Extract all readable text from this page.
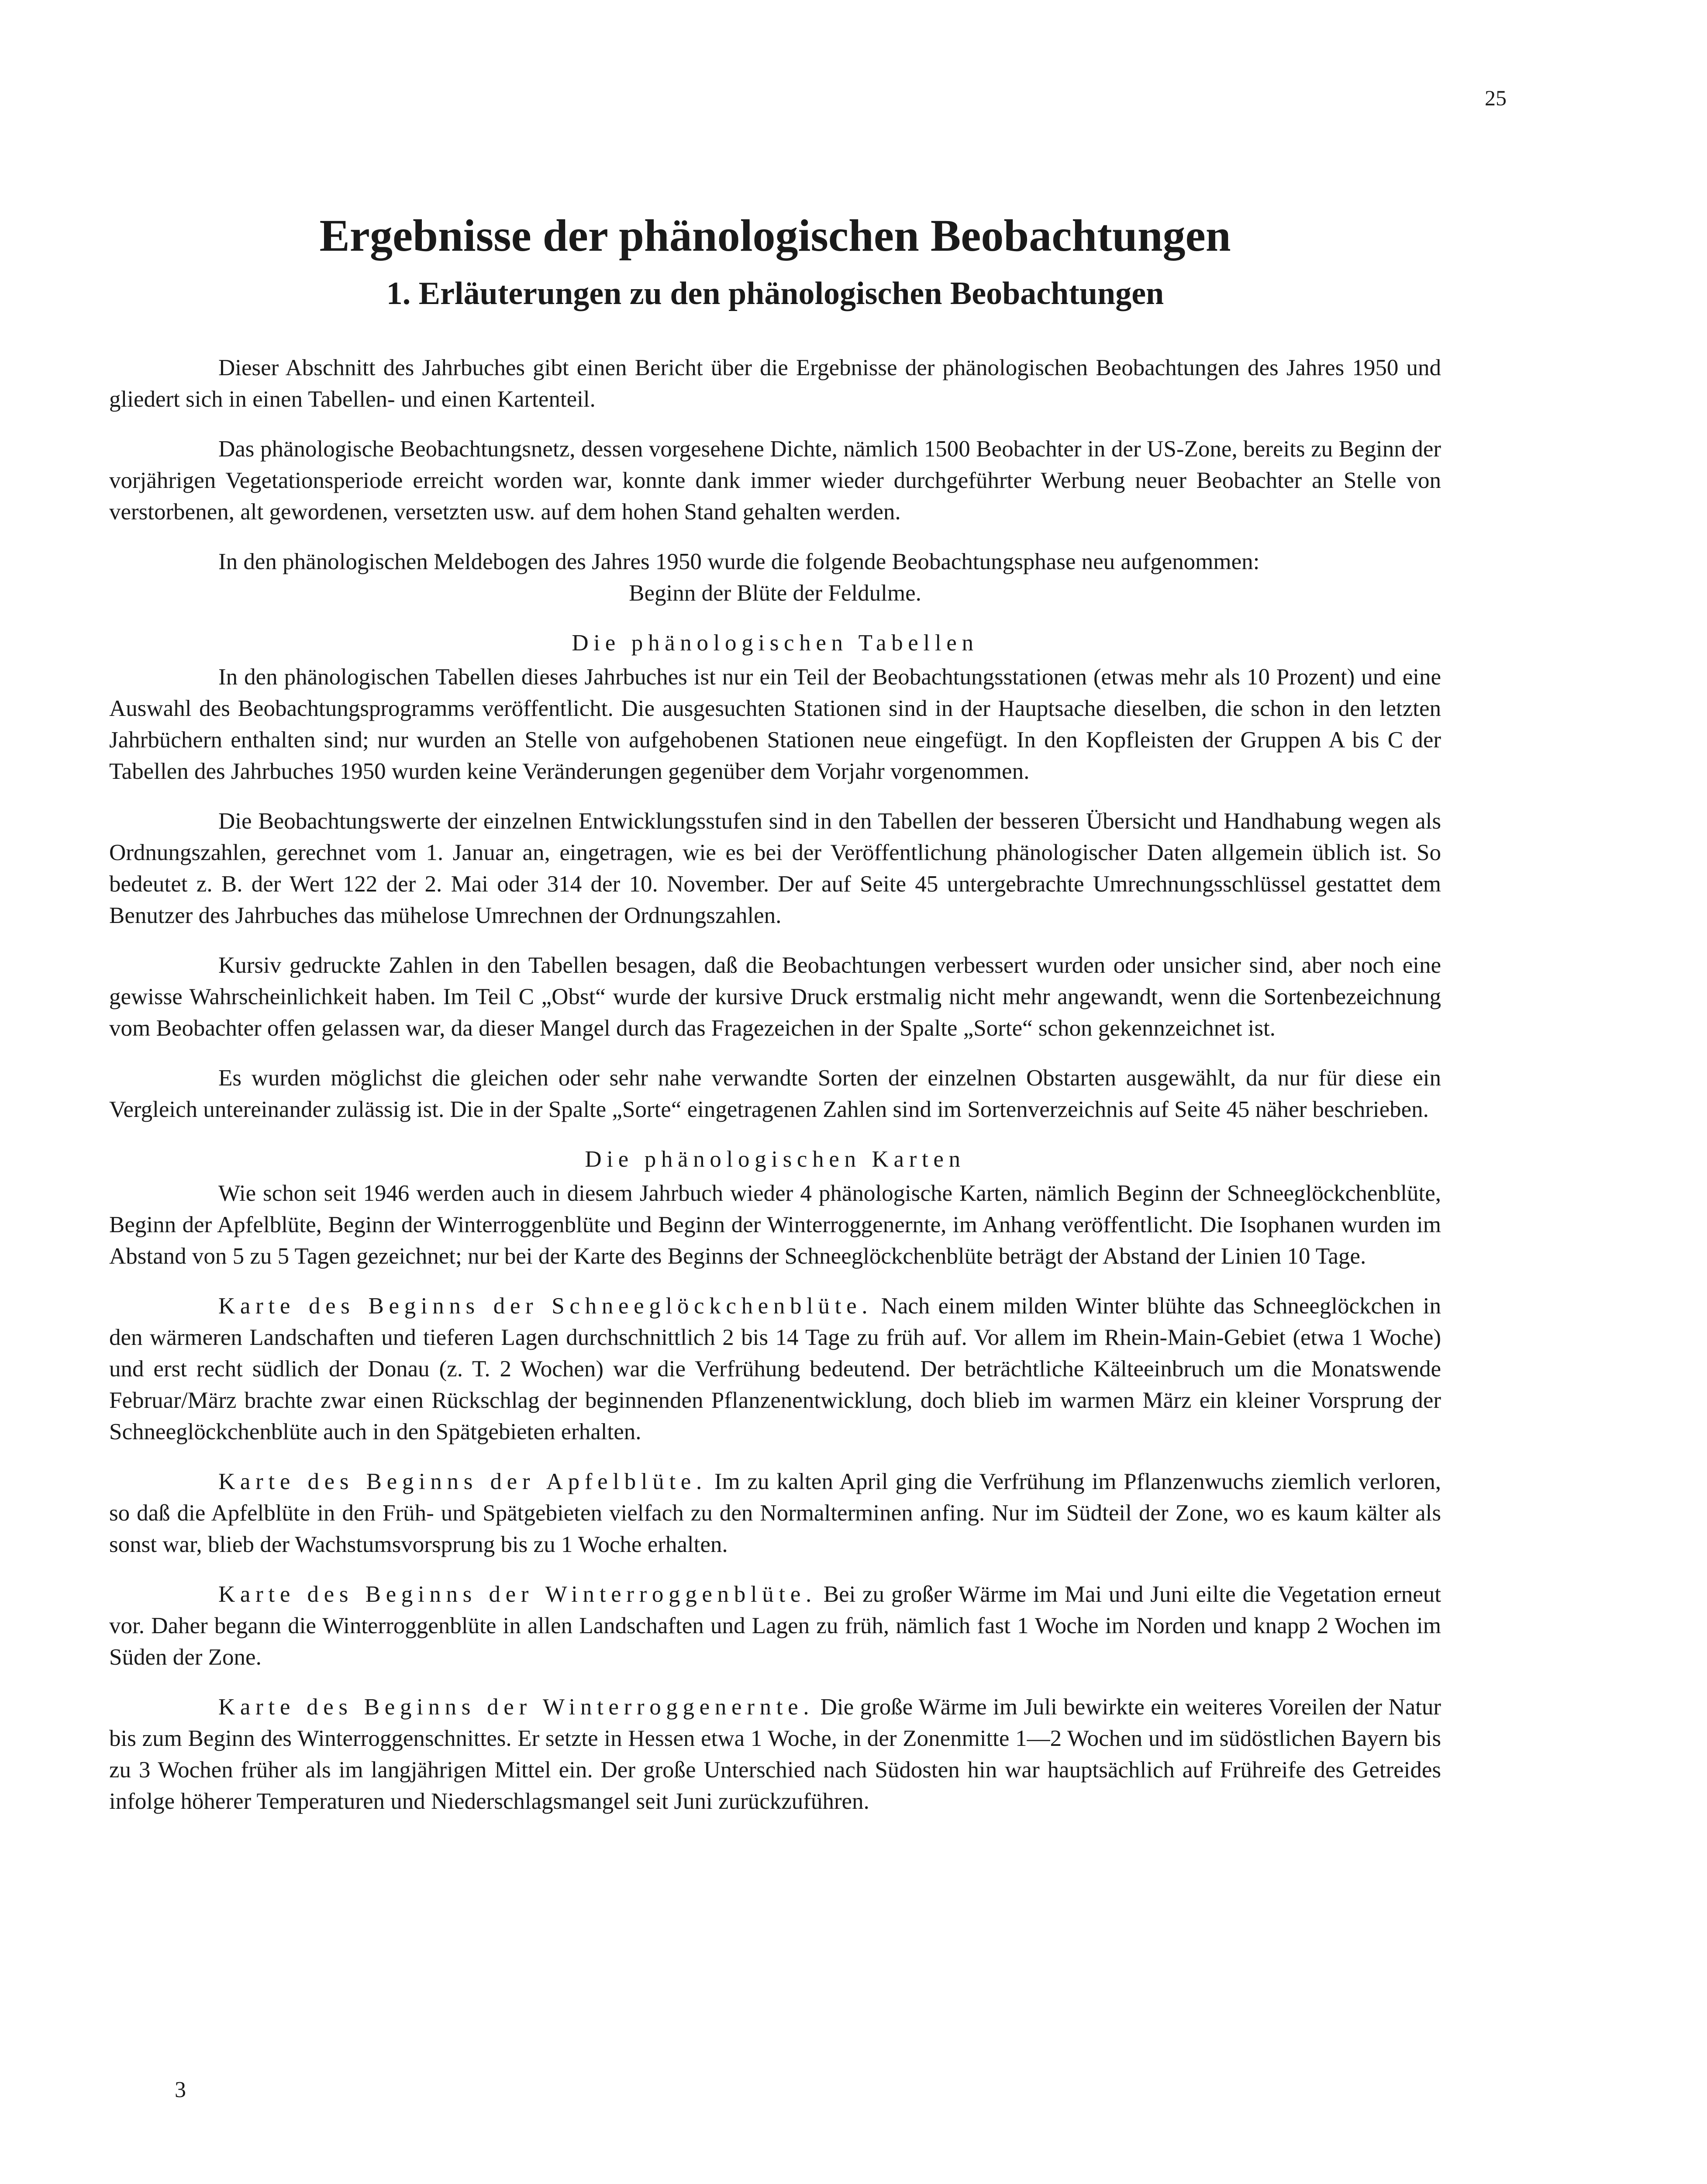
25
Ergebnisse der phänologischen Beobachtungen
1. Erläuterungen zu den phänologischen Beobachtungen

Dieser Abschnitt des Jahrbuches gibt einen Bericht über die Ergebnisse der phänologischen Beobachtungen des Jahres 1950 und gliedert sich in einen Tabellen- und einen Kartenteil.

Das phänologische Beobachtungsnetz, dessen vorgesehene Dichte, nämlich 1500 Beobachter in der US-Zone, bereits zu Beginn der vorjährigen Vegetationsperiode erreicht worden war, konnte dank immer wieder durchgeführter Werbung neuer Beobachter an Stelle von verstorbenen, alt gewordenen, versetzten usw. auf dem hohen Stand gehalten werden.

In den phänologischen Meldebogen des Jahres 1950 wurde die folgende Beobachtungsphase neu aufgenommen:

Beginn der Blüte der Feldulme.

Die phänologischen Tabellen

In den phänologischen Tabellen dieses Jahrbuches ist nur ein Teil der Beobachtungsstationen (etwas mehr als 10 Prozent) und eine Auswahl des Beobachtungsprogramms veröffentlicht. Die ausgesuchten Stationen sind in der Hauptsache dieselben, die schon in den letzten Jahrbüchern enthalten sind; nur wurden an Stelle von aufgehobenen Stationen neue eingefügt. In den Kopfleisten der Gruppen A bis C der Tabellen des Jahrbuches 1950 wurden keine Veränderungen gegenüber dem Vorjahr vorgenommen.

Die Beobachtungswerte der einzelnen Entwicklungsstufen sind in den Tabellen der besseren Übersicht und Handhabung wegen als Ordnungszahlen, gerechnet vom 1. Januar an, eingetragen, wie es bei der Veröffentlichung phänologischer Daten allgemein üblich ist. So bedeutet z. B. der Wert 122 der 2. Mai oder 314 der 10. November. Der auf Seite 45 untergebrachte Umrechnungsschlüssel gestattet dem Benutzer des Jahrbuches das mühelose Umrechnen der Ordnungszahlen.

Kursiv gedruckte Zahlen in den Tabellen besagen, daß die Beobachtungen verbessert wurden oder unsicher sind, aber noch eine gewisse Wahrscheinlichkeit haben. Im Teil C „Obst“ wurde der kursive Druck erstmalig nicht mehr angewandt, wenn die Sortenbezeichnung vom Beobachter offen gelassen war, da dieser Mangel durch das Fragezeichen in der Spalte „Sorte“ schon gekennzeichnet ist.

Es wurden möglichst die gleichen oder sehr nahe verwandte Sorten der einzelnen Obstarten ausgewählt, da nur für diese ein Vergleich untereinander zulässig ist. Die in der Spalte „Sorte“ eingetragenen Zahlen sind im Sortenverzeichnis auf Seite 45 näher beschrieben.

Die phänologischen Karten

Wie schon seit 1946 werden auch in diesem Jahrbuch wieder 4 phänologische Karten, nämlich Beginn der Schneeglöckchenblüte, Beginn der Apfelblüte, Beginn der Winterroggenblüte und Beginn der Winterroggenernte, im Anhang veröffentlicht. Die Isophanen wurden im Abstand von 5 zu 5 Tagen gezeichnet; nur bei der Karte des Beginns der Schneeglöckchenblüte beträgt der Abstand der Linien 10 Tage.

Karte des Beginns der Schneeglöckchenblüte. Nach einem milden Winter blühte das Schneeglöckchen in den wärmeren Landschaften und tieferen Lagen durchschnittlich 2 bis 14 Tage zu früh auf. Vor allem im Rhein-Main-Gebiet (etwa 1 Woche) und erst recht südlich der Donau (z. T. 2 Wochen) war die Verfrühung bedeutend. Der beträchtliche Kälteeinbruch um die Monatswende Februar/März brachte zwar einen Rückschlag der beginnenden Pflanzenentwicklung, doch blieb im warmen März ein kleiner Vorsprung der Schneeglöckchenblüte auch in den Spätgebieten erhalten.

Karte des Beginns der Apfelblüte. Im zu kalten April ging die Verfrühung im Pflanzenwuchs ziemlich verloren, so daß die Apfelblüte in den Früh- und Spätgebieten vielfach zu den Normalterminen anfing. Nur im Südteil der Zone, wo es kaum kälter als sonst war, blieb der Wachstumsvorsprung bis zu 1 Woche erhalten.

Karte des Beginns der Winterroggenblüte. Bei zu großer Wärme im Mai und Juni eilte die Vegetation erneut vor. Daher begann die Winterroggenblüte in allen Landschaften und Lagen zu früh, nämlich fast 1 Woche im Norden und knapp 2 Wochen im Süden der Zone.

Karte des Beginns der Winterroggenernte. Die große Wärme im Juli bewirkte ein weiteres Voreilen der Natur bis zum Beginn des Winterroggenschnittes. Er setzte in Hessen etwa 1 Woche, in der Zonenmitte 1—2 Wochen und im südöstlichen Bayern bis zu 3 Wochen früher als im langjährigen Mittel ein. Der große Unterschied nach Südosten hin war hauptsächlich auf Frühreife des Getreides infolge höherer Temperaturen und Niederschlagsmangel seit Juni zurückzuführen.

3
